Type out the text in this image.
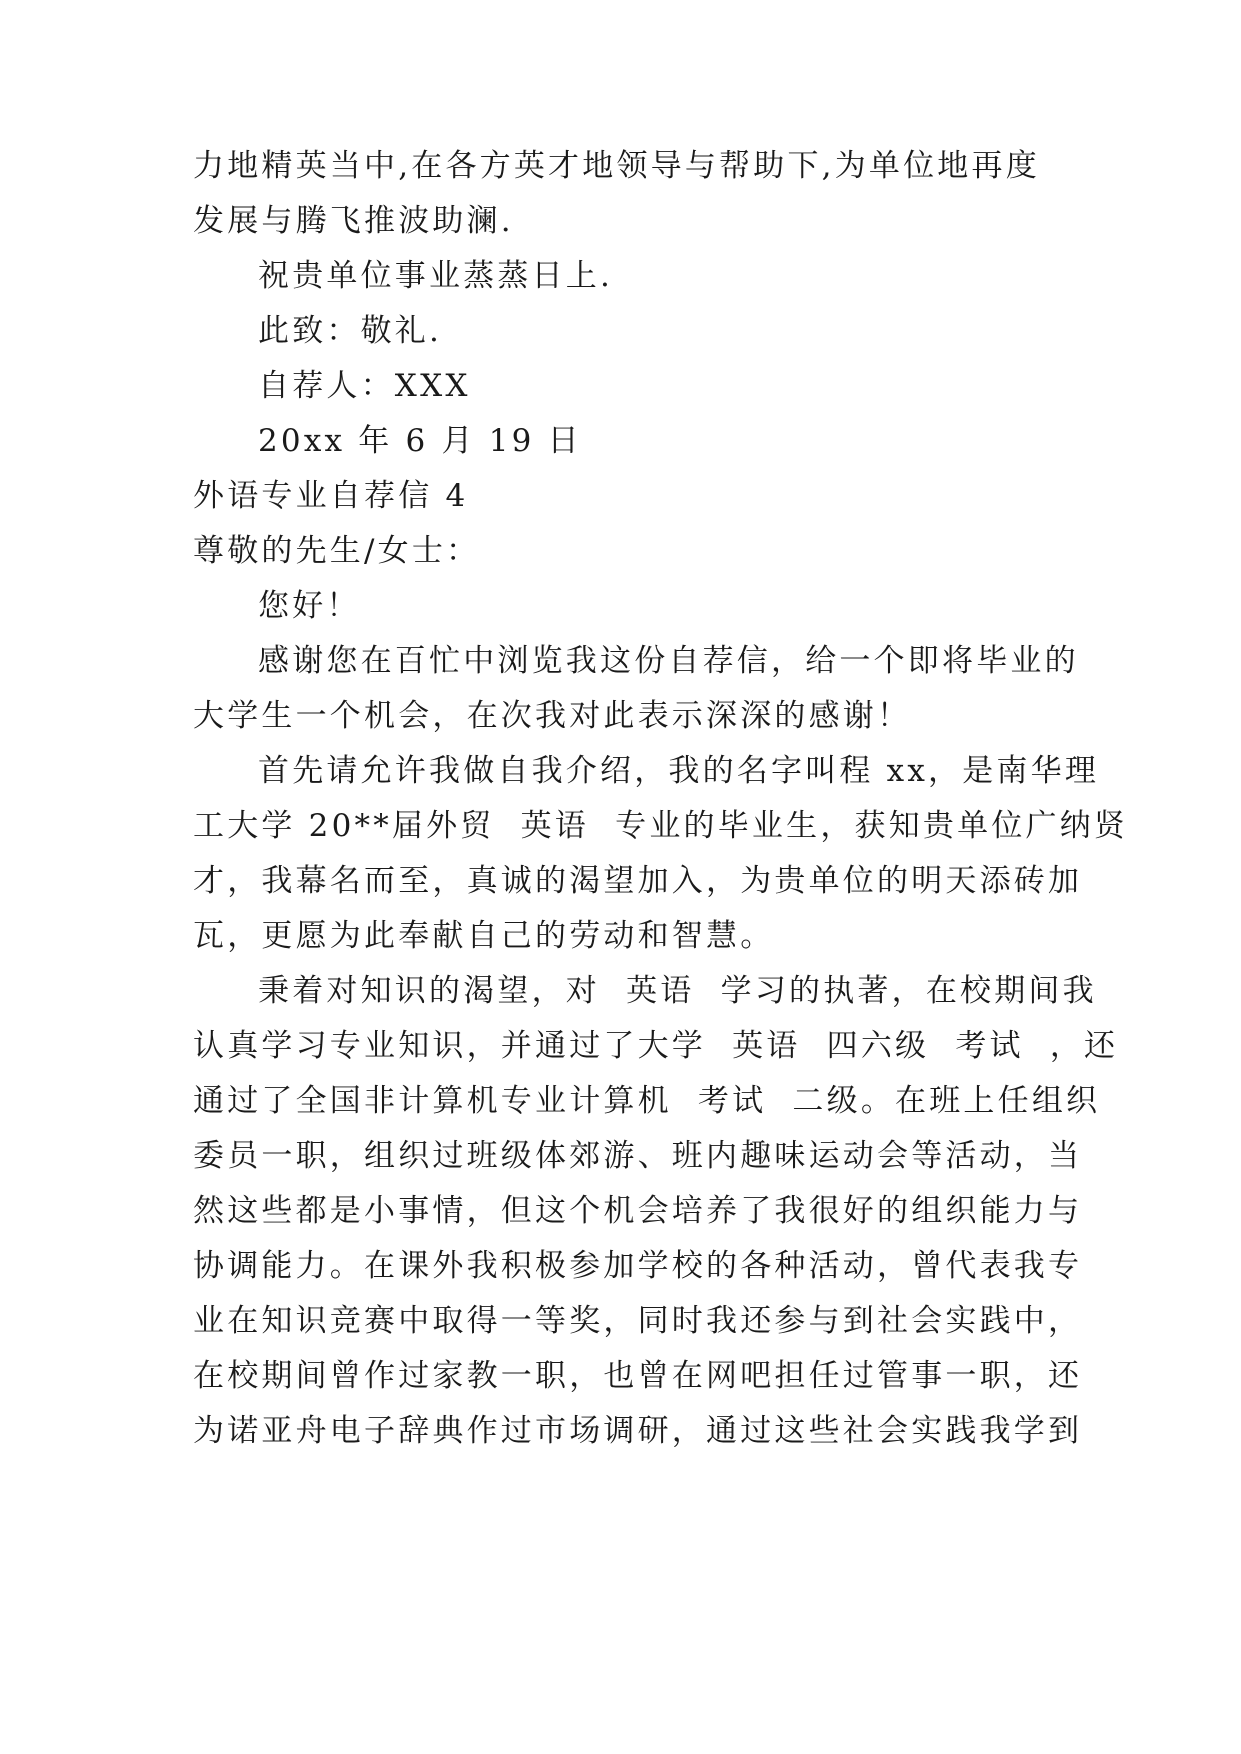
力地精英当中,在各方英才地领导与帮助下,为单位地再度
发展与腾飞推波助澜.
祝贵单位事业蒸蒸日上.
此致：敬礼.
自荐人：XXX
20xx 年 6 月 19 日
外语专业自荐信 4
尊敬的先生/女士：
您好！
感谢您在百忙中浏览我这份自荐信，给一个即将毕业的
大学生一个机会，在次我对此表示深深的感谢！
首先请允许我做自我介绍，我的名字叫程 xx，是南华理
工大学 20**届外贸  英语  专业的毕业生，获知贵单位广纳贤
才，我幕名而至，真诚的渴望加入，为贵单位的明天添砖加
瓦，更愿为此奉献自己的劳动和智慧。
秉着对知识的渴望，对  英语  学习的执著，在校期间我
认真学习专业知识，并通过了大学  英语  四六级  考试  ，还
通过了全国非计算机专业计算机  考试  二级。在班上任组织
委员一职，组织过班级体郊游、班内趣味运动会等活动，当
然这些都是小事情，但这个机会培养了我很好的组织能力与
协调能力。在课外我积极参加学校的各种活动，曾代表我专
业在知识竞赛中取得一等奖，同时我还参与到社会实践中，
在校期间曾作过家教一职，也曾在网吧担任过管事一职，还
为诺亚舟电子辞典作过市场调研，通过这些社会实践我学到
